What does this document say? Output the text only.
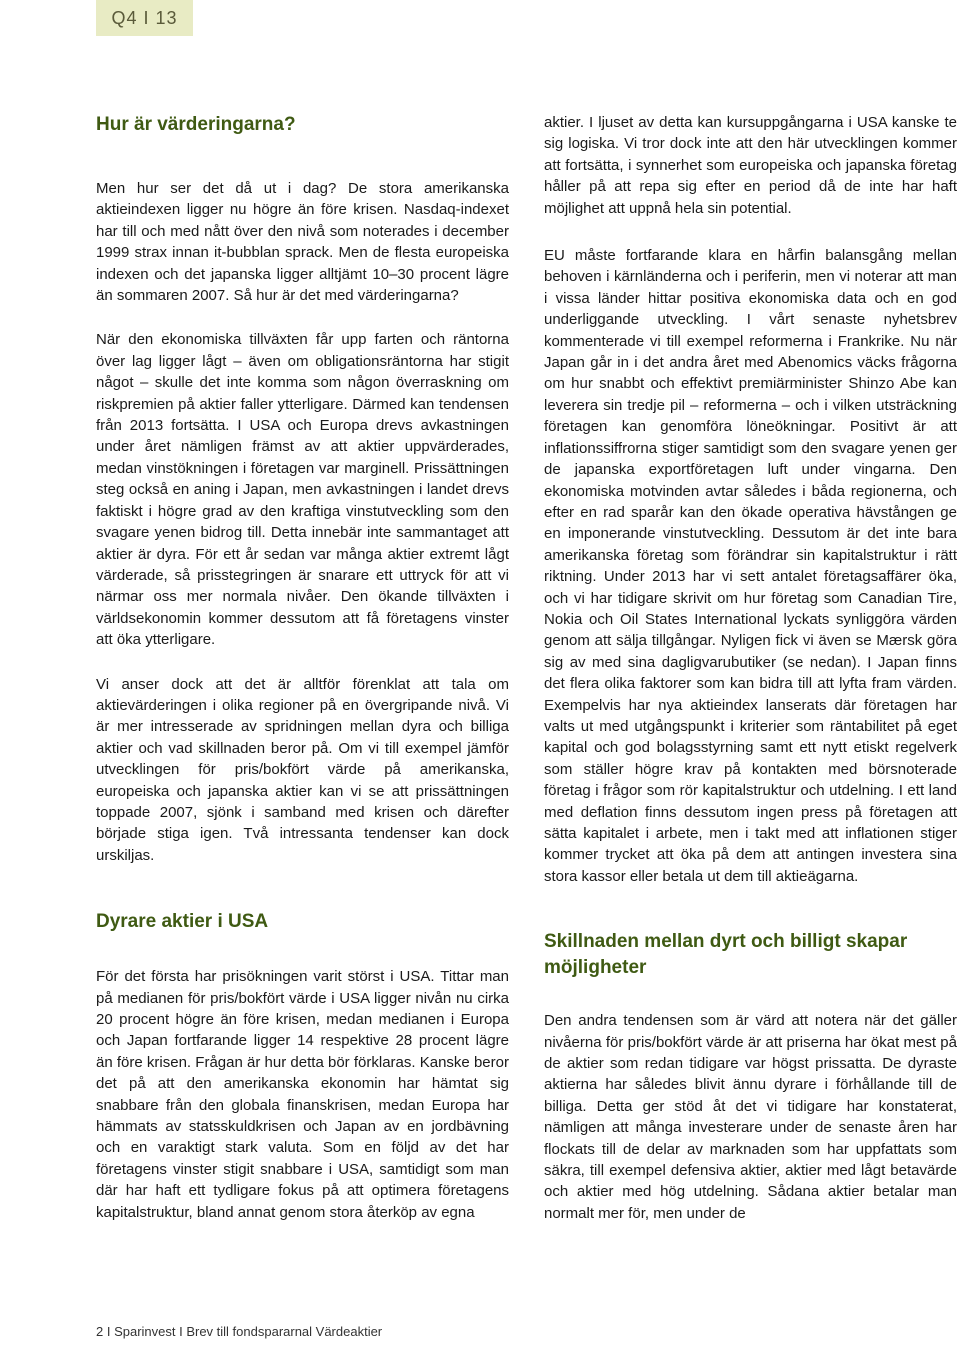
Q4 I 13
Hur är värderingarna?

Men hur ser det då ut i dag? De stora amerikanska aktieindexen ligger nu högre än före krisen. Nasdaq-indexet har till och med nått över den nivå som noterades i december 1999 strax innan it-bubblan sprack. Men de flesta europeiska indexen och det japanska ligger alltjämt 10–30 procent lägre än sommaren 2007. Så hur är det med värderingarna?

När den ekonomiska tillväxten får upp farten och räntorna över lag ligger lågt – även om obligationsräntorna har stigit något – skulle det inte komma som någon överraskning om riskpremien på aktier faller ytterligare. Därmed kan tendensen från 2013 fortsätta. I USA och Europa drevs avkastningen under året nämligen främst av att aktier uppvärderades, medan vinstökningen i företagen var marginell. Prissättningen steg också en aning i Japan, men avkastningen i landet drevs faktiskt i högre grad av den kraftiga vinstutveckling som den svagare yenen bidrog till. Detta innebär inte sammantaget att aktier är dyra. För ett år sedan var många aktier extremt lågt värderade, så prisstegringen är snarare ett uttryck för att vi närmar oss mer normala nivåer. Den ökande tillväxten i världsekonomin kommer dessutom att få företagens vinster att öka ytterligare.

Vi anser dock att det är alltför förenklat att tala om aktievärderingen i olika regioner på en övergripande nivå. Vi är mer intresserade av spridningen mellan dyra och billiga aktier och vad skillnaden beror på. Om vi till exempel jämför utvecklingen för pris/bokfört värde på amerikanska, europeiska och japanska aktier kan vi se att prissättningen toppade 2007, sjönk i samband med krisen och därefter började stiga igen. Två intressanta tendenser kan dock urskiljas.

Dyrare aktier i USA

För det första har prisökningen varit störst i USA. Tittar man på medianen för pris/bokfört värde i USA ligger nivån nu cirka 20 procent högre än före krisen, medan medianen i Europa och Japan fortfarande ligger 14 respektive 28 procent lägre än före krisen. Frågan är hur detta bör förklaras. Kanske beror det på att den amerikanska ekonomin har hämtat sig snabbare från den globala finanskrisen, medan Europa har hämmats av statsskuldkrisen och Japan av en jordbävning och en varaktigt stark valuta. Som en följd av det har företagens vinster stigit snabbare i USA, samtidigt som man där har haft ett tydligare fokus på att optimera företagens kapitalstruktur, bland annat genom stora återköp av egna

aktier. I ljuset av detta kan kursuppgångarna i USA kanske te sig logiska. Vi tror dock inte att den här utvecklingen kommer att fortsätta, i synnerhet som europeiska och japanska företag håller på att repa sig efter en period då de inte har haft möjlighet att uppnå hela sin potential.

EU måste fortfarande klara en hårfin balansgång mellan behoven i kärnländerna och i periferin, men vi noterar att man i vissa länder hittar positiva ekonomiska data och en god underliggande utveckling. I vårt senaste nyhetsbrev kommenterade vi till exempel reformerna i Frankrike. Nu när Japan går in i det andra året med Abenomics väcks frågorna om hur snabbt och effektivt premiärminister Shinzo Abe kan leverera sin tredje pil – reformerna – och i vilken utsträckning företagen kan genomföra löneökningar. Positivt är att inflationssiffrorna stiger samtidigt som den svagare yenen ger de japanska exportföretagen luft under vingarna. Den ekonomiska motvinden avtar således i båda regionerna, och efter en rad sparår kan den ökade operativa hävstången ge en imponerande vinstutveckling. Dessutom är det inte bara amerikanska företag som förändrar sin kapitalstruktur i rätt riktning. Under 2013 har vi sett antalet företagsaffärer öka, och vi har tidigare skrivit om hur företag som Canadian Tire, Nokia och Oil States International lyckats synliggöra värden genom att sälja tillgångar. Nyligen fick vi även se Mærsk göra sig av med sina dagligvarubutiker (se nedan). I Japan finns det flera olika faktorer som kan bidra till att lyfta fram värden. Exempelvis har nya aktieindex lanserats där företagen har valts ut med utgångspunkt i kriterier som räntabilitet på eget kapital och god bolagsstyrning samt ett nytt etiskt regelverk som ställer högre krav på kontakten med börsnoterade företag i frågor som rör kapitalstruktur och utdelning. I ett land med deflation finns dessutom ingen press på företagen att sätta kapitalet i arbete, men i takt med att inflationen stiger kommer trycket att öka på dem att antingen investera sina stora kassor eller betala ut dem till aktieägarna.

Skillnaden mellan dyrt och billigt skapar möjligheter

Den andra tendensen som är värd att notera när det gäller nivåerna för pris/bokfört värde är att priserna har ökat mest på de aktier som redan tidigare var högst prissatta. De dyraste aktierna har således blivit ännu dyrare i förhållande till de billiga. Detta ger stöd åt det vi tidigare har konstaterat, nämligen att många investerare under de senaste åren har flockats till de delar av marknaden som har uppfattats som säkra, till exempel defensiva aktier, aktier med lågt betavärde och aktier med hög utdelning. Sådana aktier betalar man normalt mer för, men under de

2 I Sparinvest I Brev till fondspararnal Värdeaktier
